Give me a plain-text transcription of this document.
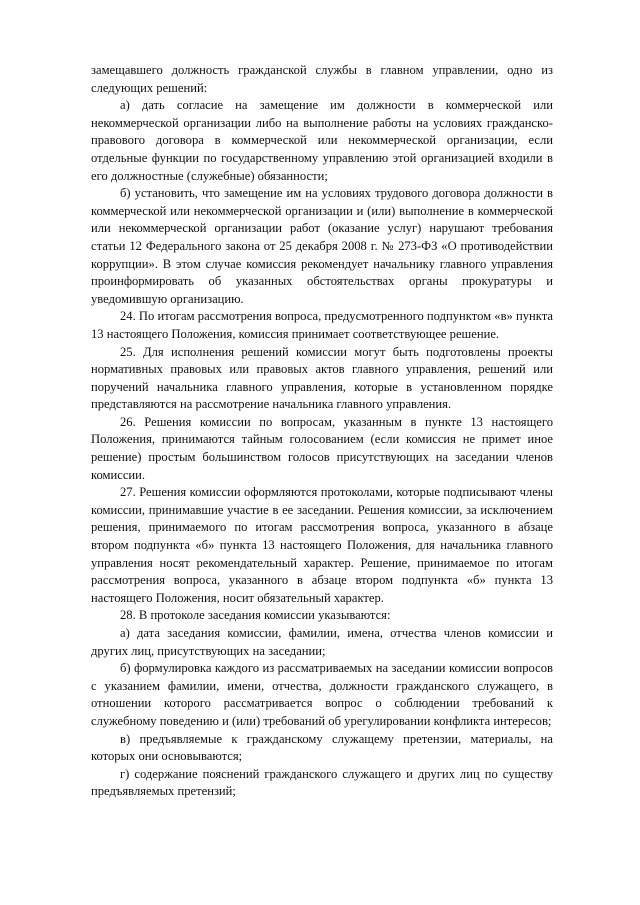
замещавшего должность гражданской службы в главном управлении, одно из следующих решений:

а) дать согласие на замещение им должности в коммерческой или некоммерческой организации либо на выполнение работы на условиях гражданско-правового договора в коммерческой или некоммерческой организации, если отдельные функции по государственному управлению этой организацией входили в его должностные (служебные) обязанности;

б) установить, что замещение им на условиях трудового договора должности в коммерческой или некоммерческой организации и (или) выполнение в коммерческой или некоммерческой организации работ (оказание услуг) нарушают требования статьи 12 Федерального закона от 25 декабря 2008 г. № 273-ФЗ «О противодействии коррупции». В этом случае комиссия рекомендует начальнику главного управления проинформировать об указанных обстоятельствах органы прокуратуры и уведомившую организацию.

24. По итогам рассмотрения вопроса, предусмотренного подпунктом «в» пункта 13 настоящего Положения, комиссия принимает соответствующее решение.

25. Для исполнения решений комиссии могут быть подготовлены проекты нормативных правовых или правовых актов главного управления, решений или поручений начальника главного управления, которые в установленном порядке представляются на рассмотрение начальника главного управления.

26. Решения комиссии по вопросам, указанным в пункте 13 настоящего Положения, принимаются тайным голосованием (если комиссия не примет иное решение) простым большинством голосов присутствующих на заседании членов комиссии.

27. Решения комиссии оформляются протоколами, которые подписывают члены комиссии, принимавшие участие в ее заседании. Решения комиссии, за исключением решения, принимаемого по итогам рассмотрения вопроса, указанного в абзаце втором подпункта «б» пункта 13 настоящего Положения, для начальника главного управления носят рекомендательный характер. Решение, принимаемое по итогам рассмотрения вопроса, указанного в абзаце втором подпункта «б» пункта 13 настоящего Положения, носит обязательный характер.

28. В протоколе заседания комиссии указываются:

а) дата заседания комиссии, фамилии, имена, отчества членов комиссии и других лиц, присутствующих на заседании;

б) формулировка каждого из рассматриваемых на заседании комиссии вопросов с указанием фамилии, имени, отчества, должности гражданского служащего, в отношении которого рассматривается вопрос о соблюдении требований к служебному поведению и (или) требований об урегулировании конфликта интересов;

в) предъявляемые к гражданскому служащему претензии, материалы, на которых они основываются;

г) содержание пояснений гражданского служащего и других лиц по существу предъявляемых претензий;
